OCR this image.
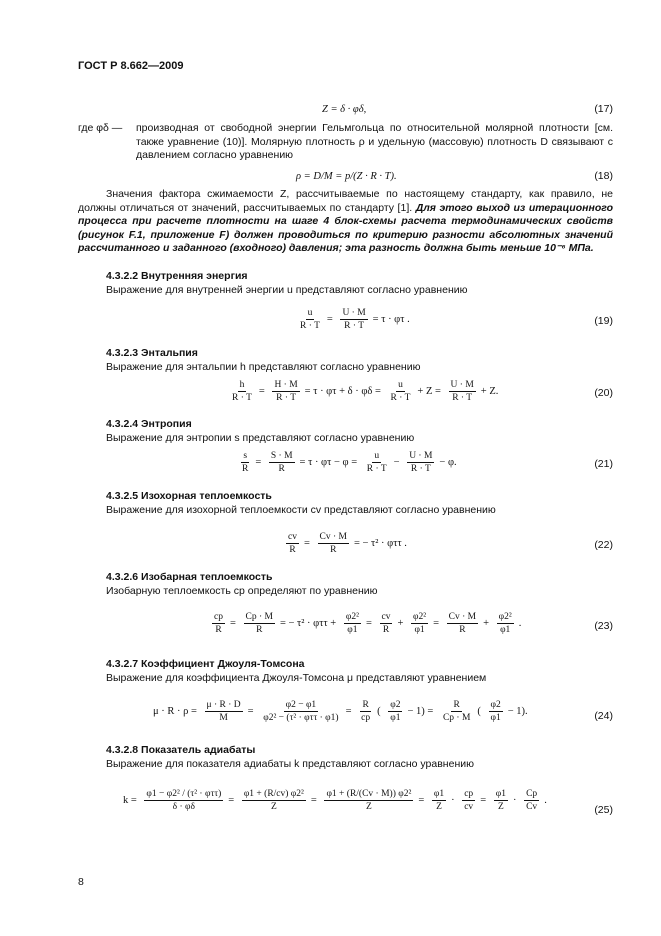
ГОСТ Р 8.662—2009
Z = δ · φδ,	(17)
где φδ —	производная от свободной энергии Гельмгольца по относительной молярной плотности [см. также уравнение (10)]. Молярную плотность ρ и удельную (массовую) плотность D связывают с давлением согласно уравнению
ρ = D/M = p/(Z · R · T).	(18)
Значения фактора сжимаемости Z, рассчитываемые по настоящему стандарту, как правило, не должны отличаться от значений, рассчитываемых по стандарту [1]. Для этого выход из итерационного процесса при расчете плотности на шаге 4 блок-схемы расчета термодинамических свойств (рисунок F.1, приложение F) должен проводиться по критерию разности абсолютных значений рассчитанного и заданного (входного) давления; эта разность должна быть меньше 10⁻⁶ МПа.
4.3.2.2 Внутренняя энергия
Выражение для внутренней энергии u представляют согласно уравнению
$\frac{u}{R \cdot T} = \frac{U \cdot M}{R \cdot T} = \tau \cdot \varphi\tau$ .	(19)
4.3.2.3 Энтальпия
Выражение для энтальпии h представляют согласно уравнению
$\frac{h}{R \cdot T} = \frac{H \cdot M}{R \cdot T} = \tau \cdot \varphi\tau + \delta \cdot \varphi\delta = \frac{u}{R \cdot T} + Z = \frac{U \cdot M}{R \cdot T} + Z$.	(20)
4.3.2.4 Энтропия
Выражение для энтропии s представляют согласно уравнению
$\frac{s}{R} = \frac{S \cdot M}{R} = \tau \cdot \varphi\tau - \varphi = \frac{u}{R \cdot T} - \frac{U \cdot M}{R \cdot T} - \varphi$.	(21)
4.3.2.5 Изохорная теплоемкость
Выражение для изохорной теплоемкости cv представляют согласно уравнению
$\frac{cv}{R} = \frac{Cv \cdot M}{R}$ = − τ² · φττ .	(22)
4.3.2.6 Изобарная теплоемкость
Изобарную теплоемкость cp определяют по уравнению
$\frac{cp}{R} = \frac{Cp \cdot M}{R}$ = − $\tau^2 \cdot \varphi\tau\tau + \frac{\text{φ2²}}{\varphi 1} = \frac{cv}{R} + \frac{\text{φ2²}}{\varphi 1} = \frac{Cv \cdot M}{R} + \frac{\text{φ2²}}{\varphi 1}$ .	(23)
4.3.2.7 Коэффициент Джоуля-Томсона
Выражение для коэффициента Джоуля-Томсона μ представляют уравнением
$\mu \cdot R \cdot \rho = \frac{\mu \cdot R \cdot D}{M} = \frac{\varphi 2 - \varphi 1}{\text{φ2² − (τ² · φττ · φ1)}} = \frac{R}{cp}$ ( $\frac{\varphi 2}{\varphi 1} - 1) = \frac{R}{Cp \cdot M}$ ( $\frac{\varphi 2}{\varphi 1} - 1$).	(24)
4.3.2.8 Показатель адиабаты
Выражение для показателя адиабаты k представляют согласно уравнению
$k = \frac{\text{φ1 − φ2² / (τ² · φττ)}}{\delta \cdot \varphi\delta} = \frac{\text{φ1 + (R/cv) φ2²}}{Z} = \frac{\text{φ1 + (R/(Cv · M)) φ2²}}{Z} = \frac{\varphi 1}{Z} \cdot \frac{cp}{cv} = \frac{\varphi 1}{Z} \cdot \frac{Cp}{Cv}$ .
(25)
8
